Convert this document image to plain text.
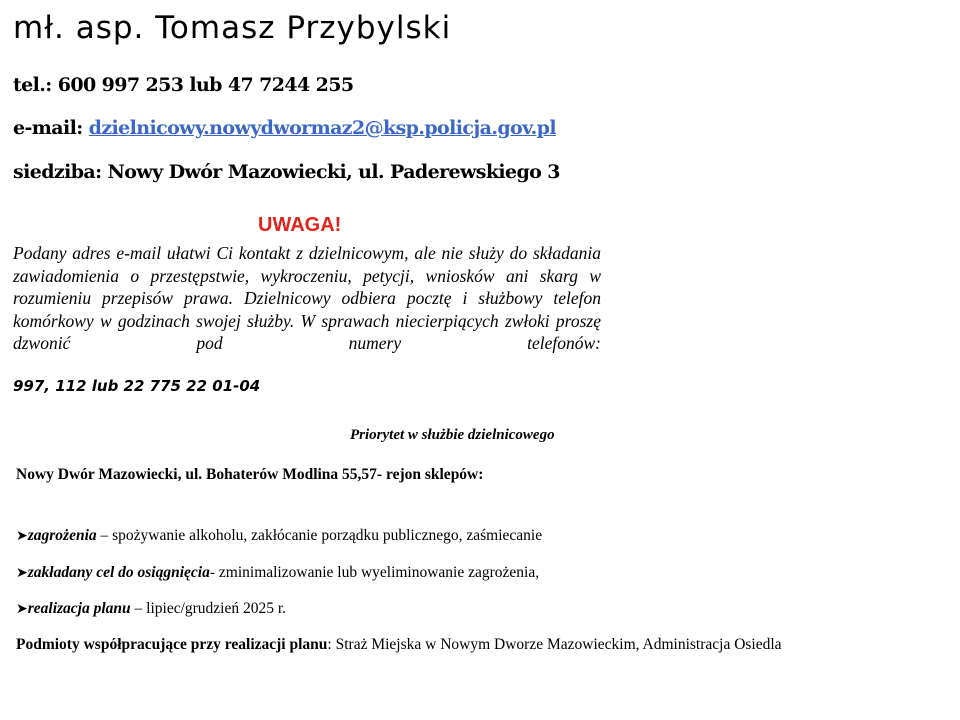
mł. asp. Tomasz Przybylski
tel.: 600 997 253 lub 47 7244 255
e-mail: dzielnicowy.nowydwormaz2@ksp.policja.gov.pl
siedziba: Nowy Dwór Mazowiecki, ul. Paderewskiego 3
UWAGA!
Podany adres e-mail ułatwi Ci kontakt z dzielnicowym, ale nie służy do składania zawiadomienia o przestępstwie, wykroczeniu, petycji, wniosków ani skarg w rozumieniu przepisów prawa. Dzielnicowy odbiera pocztę i służbowy telefon komórkowy w godzinach swojej służby. W sprawach niecierpiących zwłoki proszę dzwonić pod numery telefonów:
997, 112 lub 22 775 22 01-04
Priorytet w służbie dzielnicowego
Nowy Dwór Mazowiecki, ul. Bohaterów Modlina 55,57- rejon sklepów:
➤zagrożenia – spożywanie alkoholu, zakłócanie porządku publicznego, zaśmiecanie
➤zakładany cel do osiągnięcia- zminimalizowanie lub wyeliminowanie zagrożenia,
➤realizacja planu – lipiec/grudzień 2025 r.
Podmioty współpracujące przy realizacji planu: Straż Miejska w Nowym Dworze Mazowieckim, Administracja Osiedla
